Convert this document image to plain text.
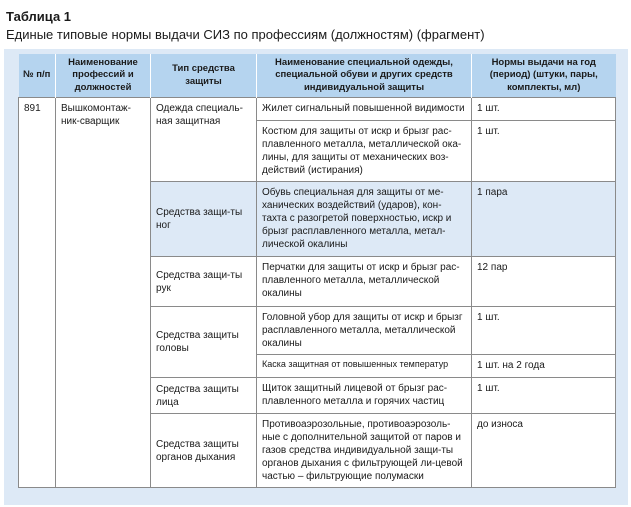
Таблица 1
Единые типовые нормы выдачи СИЗ по профессиям (должностям) (фрагмент)
№ п/п	Наименование профессий и должностей	Тип средства защиты	Наименование специальной одежды, специальной обуви и других средств индивидуальной защиты	Нормы выдачи на год (период) (штуки, пары, комплекты, мл)
891	Вышкомонтаж-ник-сварщик	Одежда специаль-ная защитная	Жилет сигнальный повышенной видимости	1 шт.
			Костюм для защиты от искр и брызг рас-плавленного металла, металлической ока-лины, для защиты от механических воз-действий (истирания)	1 шт.
		Средства защи-ты ног	Обувь специальная для защиты от ме-ханических воздействий (ударов), кон-тахта с разогретой поверхностью, искр и брызг расплавленного металла, метал-лической окалины	1 пара
		Средства защи-ты рук	Перчатки для защиты от искр и брызг рас-плавленного металла, металлической окалины	12 пар
		Средства защиты головы	Головной убор для защиты от искр и брызг расплавленного металла, металлической окалины	1 шт.
			Каска защитная от повышенных температур	1 шт. на 2 года
		Средства защиты лица	Щиток защитный лицевой от брызг рас-плавленного металла и горячих частиц	1 шт.
		Средства защиты органов дыхания	Противоаэрозольные, противоаэрозоль-ные с дополнительной защитой от паров и газов средства индивидуальной защи-ты органов дыхания с фильтрующей ли-цевой частью – фильтрующие полумаски	до износа
